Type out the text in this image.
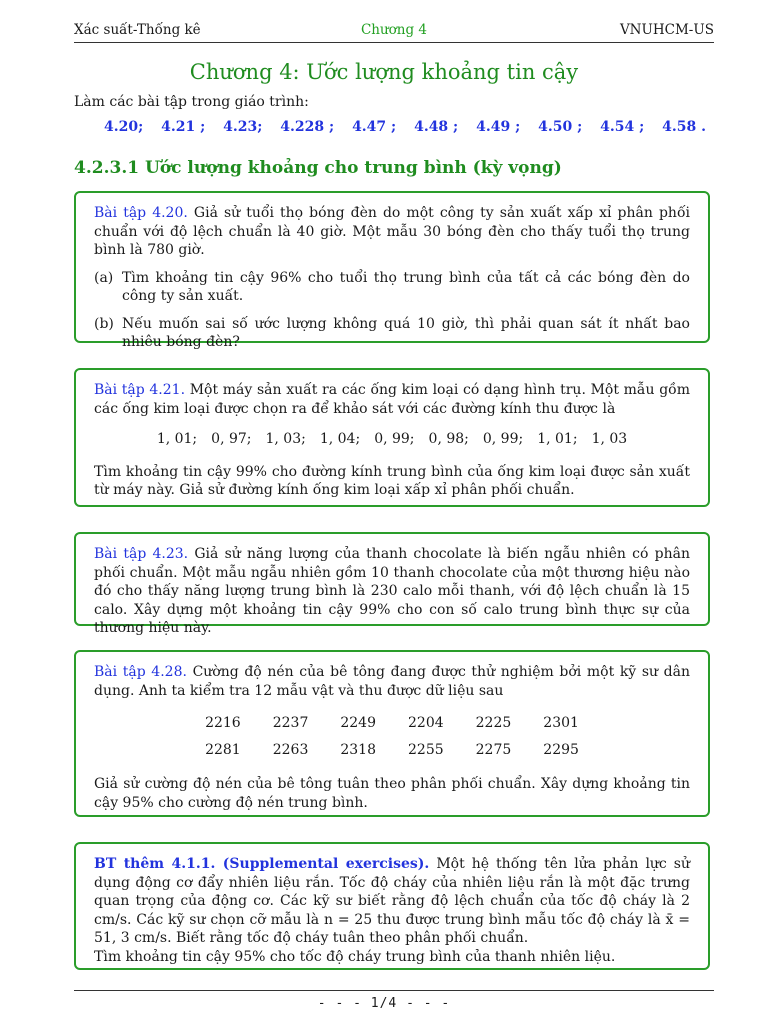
Xác suất-Thống kê	Chương 4	VNUHCM-US
Chương 4: Ước lượng khoảng tin cậy
Làm các bài tập trong giáo trình:
4.20; 4.21 ; 4.23; 4.228 ; 4.47 ; 4.48 ; 4.49 ; 4.50 ; 4.54 ; 4.58 .
4.2.3.1 Ước lượng khoảng cho trung bình (kỳ vọng)
Bài tập 4.20. Giả sử tuổi thọ bóng đèn do một công ty sản xuất xấp xỉ phân phối chuẩn với độ lệch chuẩn là 40 giờ. Một mẫu 30 bóng đèn cho thấy tuổi thọ trung bình là 780 giờ.
(a) Tìm khoảng tin cậy 96% cho tuổi thọ trung bình của tất cả các bóng đèn do công ty sản xuất.
(b) Nếu muốn sai số ước lượng không quá 10 giờ, thì phải quan sát ít nhất bao nhiêu bóng đèn?
Bài tập 4.21. Một máy sản xuất ra các ống kim loại có dạng hình trụ. Một mẫu gồm các ống kim loại được chọn ra để khảo sát với các đường kính thu được là
1, 01; 0, 97; 1, 03; 1, 04; 0, 99; 0, 98; 0, 99; 1, 01; 1, 03
Tìm khoảng tin cậy 99% cho đường kính trung bình của ống kim loại được sản xuất từ máy này. Giả sử đường kính ống kim loại xấp xỉ phân phối chuẩn.
Bài tập 4.23. Giả sử năng lượng của thanh chocolate là biến ngẫu nhiên có phân phối chuẩn. Một mẫu ngẫu nhiên gồm 10 thanh chocolate của một thương hiệu nào đó cho thấy năng lượng trung bình là 230 calo mỗi thanh, với độ lệch chuẩn là 15 calo. Xây dựng một khoảng tin cậy 99% cho con số calo trung bình thực sự của thương hiệu này.
Bài tập 4.28. Cường độ nén của bê tông đang được thử nghiệm bởi một kỹ sư dân dụng. Anh ta kiểm tra 12 mẫu vật và thu được dữ liệu sau
2216	2237	2249	2204	2225	2301
2281	2263	2318	2255	2275	2295
Giả sử cường độ nén của bê tông tuân theo phân phối chuẩn. Xây dựng khoảng tin cậy 95% cho cường độ nén trung bình.
BT thêm 4.1.1. (Supplemental exercises). Một hệ thống tên lửa phản lực sử dụng động cơ đẩy nhiên liệu rắn. Tốc độ cháy của nhiên liệu rắn là một đặc trưng quan trọng của động cơ. Các kỹ sư biết rằng độ lệch chuẩn của tốc độ cháy là 2 cm/s. Các kỹ sư chọn cỡ mẫu là n = 25 thu được trung bình mẫu tốc độ cháy là x̄ = 51, 3 cm/s. Biết rằng tốc độ cháy tuân theo phân phối chuẩn.
Tìm khoảng tin cậy 95% cho tốc độ cháy trung bình của thanh nhiên liệu.
- - - 1/4 - - -
